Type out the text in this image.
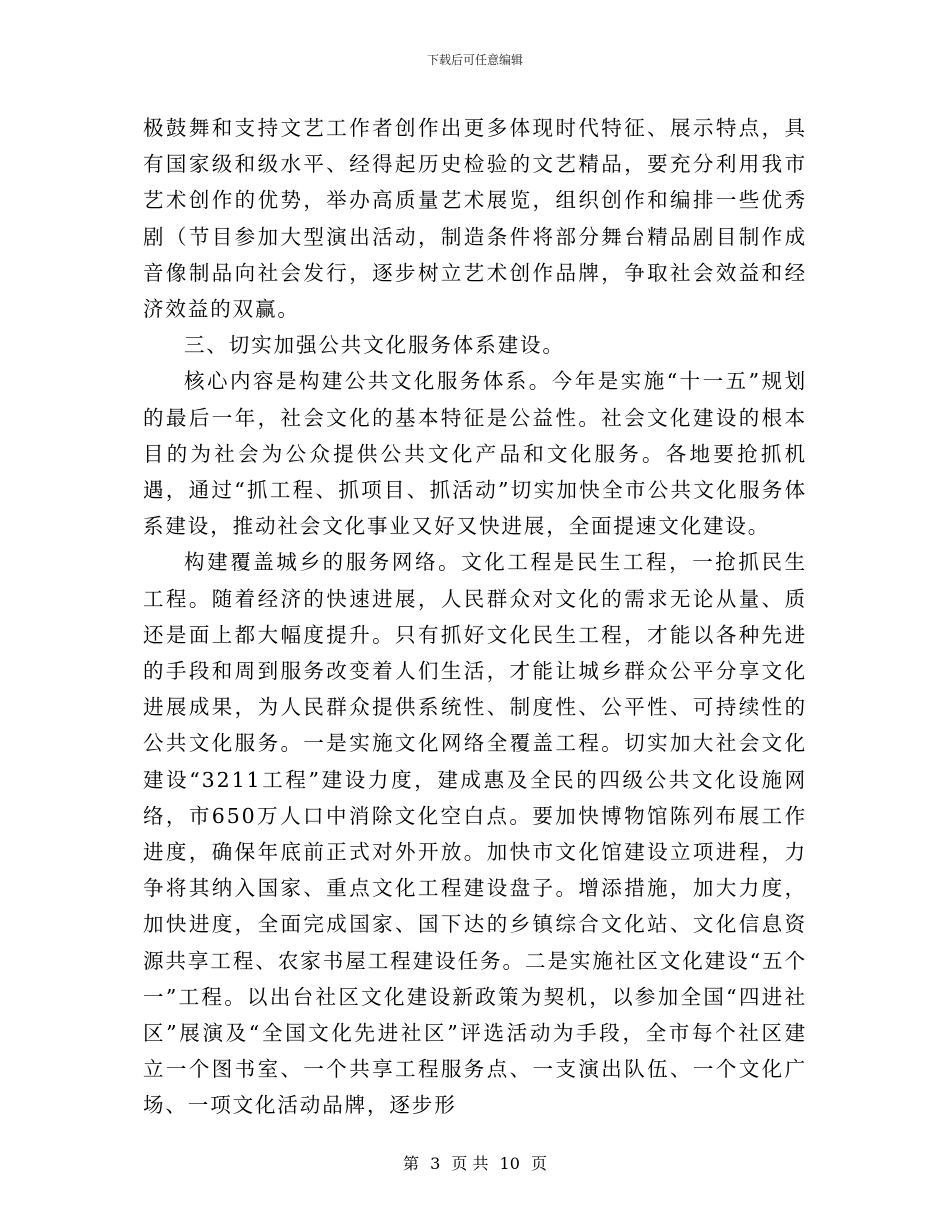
下载后可任意编辑

极鼓舞和支持文艺工作者创作出更多体现时代特征、展示特点，具有国家级和级水平、经得起历史检验的文艺精品，要充分利用我市艺术创作的优势，举办高质量艺术展览，组织创作和编排一些优秀剧（节目参加大型演出活动，制造条件将部分舞台精品剧目制作成音像制品向社会发行，逐步树立艺术创作品牌，争取社会效益和经济效益的双赢。

三、切实加强公共文化服务体系建设。

核心内容是构建公共文化服务体系。今年是实施“十一五”规划的最后一年，社会文化的基本特征是公益性。社会文化建设的根本目的为社会为公众提供公共文化产品和文化服务。各地要抢抓机遇，通过“抓工程、抓项目、抓活动”切实加快全市公共文化服务体系建设，推动社会文化事业又好又快进展，全面提速文化建设。

构建覆盖城乡的服务网络。文化工程是民生工程，一抢抓民生工程。随着经济的快速进展，人民群众对文化的需求无论从量、质还是面上都大幅度提升。只有抓好文化民生工程，才能以各种先进的手段和周到服务改变着人们生活，才能让城乡群众公平分享文化进展成果，为人民群众提供系统性、制度性、公平性、可持续性的公共文化服务。一是实施文化网络全覆盖工程。切实加大社会文化建设“3211工程”建设力度，建成惠及全民的四级公共文化设施网络，市650万人口中消除文化空白点。要加快博物馆陈列布展工作进度，确保年底前正式对外开放。加快市文化馆建设立项进程，力争将其纳入国家、重点文化工程建设盘子。增添措施，加大力度，加快进度，全面完成国家、国下达的乡镇综合文化站、文化信息资源共享工程、农家书屋工程建设任务。二是实施社区文化建设“五个一”工程。以出台社区文化建设新政策为契机，以参加全国“四进社区”展演及“全国文化先进社区”评选活动为手段，全市每个社区建立一个图书室、一个共享工程服务点、一支演出队伍、一个文化广场、一项文化活动品牌，逐步形

第 3 页 共 10 页
